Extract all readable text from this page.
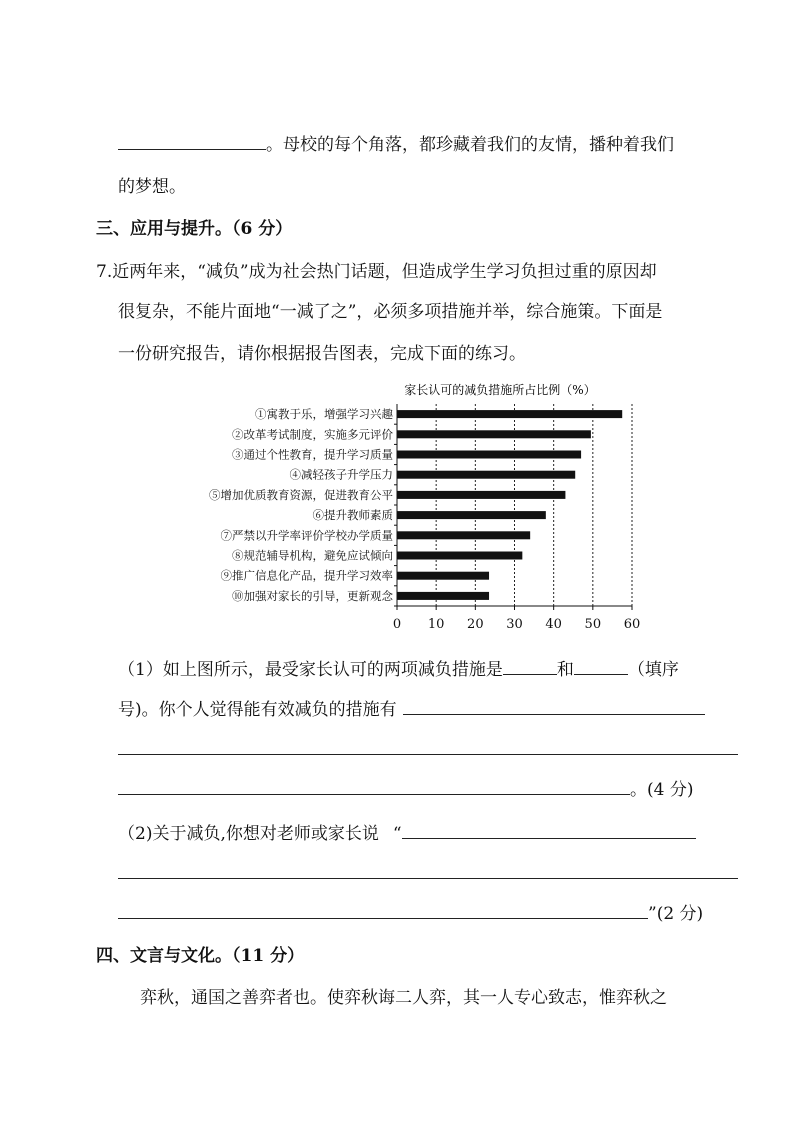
。母校的每个角落，都珍藏着我们的友情，播种着我们
的梦想。
三、应用与提升。（6 分）
7.近两年来，“减负”成为社会热门话题，但造成学生学习负担过重的原因却
很复杂，不能片面地“一减了之”，必须多项措施并举，综合施策。下面是
一份研究报告，请你根据报告图表，完成下面的练习。
家长认可的减负措施所占比例（%）
①寓教于乐，增强学习兴趣
②改革考试制度，实施多元评价
③通过个性教育，提升学习质量
④减轻孩子升学压力
⑤增加优质教育资源，促进教育公平
⑥提升教师素质
⑦严禁以升学率评价学校办学质量
⑧规范辅导机构，避免应试倾向
⑨推广信息化产品，提升学习效率
⑩加强对家长的引导，更新观念
0 10 20 30 40 50 60
（1）如上图所示，最受家长认可的两项减负措施是	和	（填序
号)。你个人觉得能有效减负的措施有
。(4 分)
（2)关于减负,你想对老师或家长说 “
”(2 分)
四、文言与文化。（11 分）
弈秋，通国之善弈者也。使弈秋诲二人弈，其一人专心致志，惟弈秋之
